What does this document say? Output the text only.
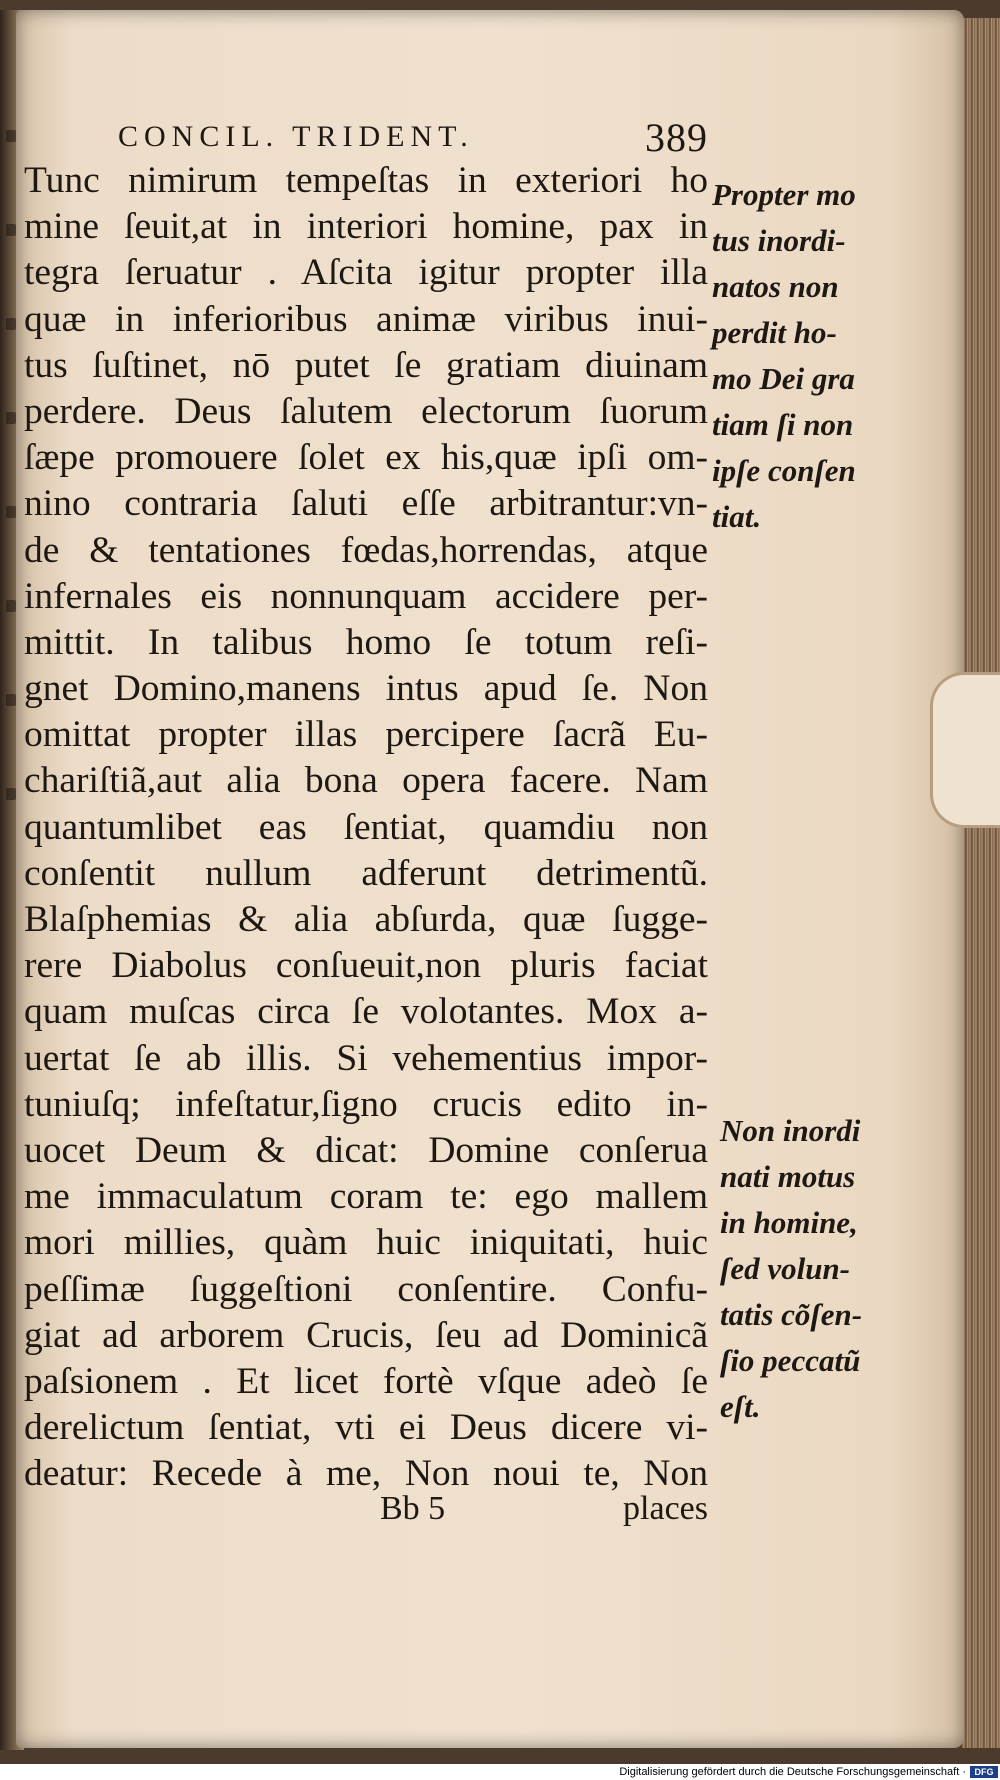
CONCIL. TRIDENT.	389
Tunc nimirum tempeſtas in exteriori ho
mine ſeuit,at in interiori homine, pax in
tegra ſeruatur . Aſcita igitur propter illa
quæ in inferioribus animæ viribus inui-
tus ſuſtinet, nō putet ſe gratiam diuinam
perdere. Deus ſalutem electorum ſuorum
ſæpe promouere ſolet ex his,quæ ipſi om-
nino contraria ſaluti eſſe arbitrantur:vn-
de & tentationes fœdas,horrendas, atque
infernales eis nonnunquam accidere per-
mittit. In talibus homo ſe totum reſi-
gnet Domino,manens intus apud ſe. Non
omittat propter illas percipere ſacrã Eu-
chariſtiã,aut alia bona opera facere. Nam
quantumlibet eas ſentiat, quamdiu non
conſentit nullum adferunt detrimentũ.
Blaſphemias & alia abſurda, quæ ſugge-
rere Diabolus conſueuit,non pluris faciat
quam muſcas circa ſe volotantes. Mox a-
uertat ſe ab illis. Si vehementius impor-
tuniuſq; infeſtatur,ſigno crucis edito in-
uocet Deum & dicat: Domine conſerua
me immaculatum coram te: ego mallem
mori millies, quàm huic iniquitati, huic
peſſimæ ſuggeſtioni conſentire. Confu-
giat ad arborem Crucis, ſeu ad Dominicã
paſsionem . Et licet fortè vſque adeò ſe
derelictum ſentiat, vti ei Deus dicere vi-
deatur: Recede à me, Non noui te, Non
Propter mo
tus inordi-
natos non
perdit ho-
mo Dei gra
tiam ſi non
ipſe conſen
tiat.
Non inordi
nati motus
in homine,
ſed volun-
tatis cõſen-
ſio peccatũ
eſt.
Bb 5	places
Digitalisierung gefördert durch die Deutsche Forschungsgemeinschaft · DFG
